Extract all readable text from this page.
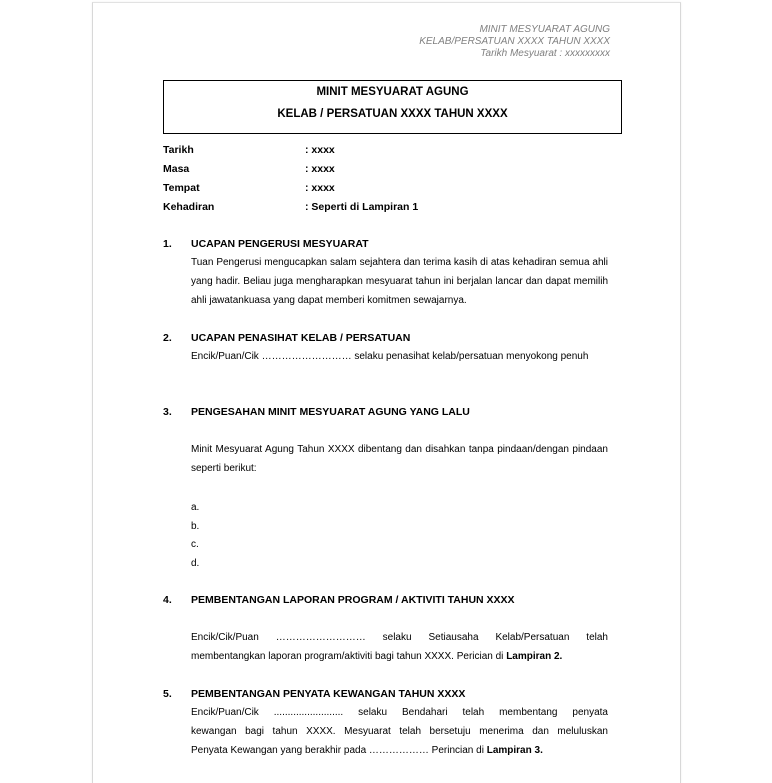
MINIT MESYUARAT AGUNG
KELAB/PERSATUAN XXXX TAHUN XXXX
Tarikh Mesyuarat : xxxxxxxxx
MINIT MESYUARAT AGUNG
KELAB / PERSATUAN XXXX TAHUN XXXX
Tarikh	: xxxx
Masa	: xxxx
Tempat	: xxxx
Kehadiran	: Seperti di Lampiran 1
1. UCAPAN PENGERUSI MESYUARAT
Tuan Pengerusi mengucapkan salam sejahtera dan terima kasih di atas kehadiran semua ahli yang hadir. Beliau juga mengharapkan mesyuarat tahun ini berjalan lancar dan dapat memilih ahli jawatankuasa yang dapat memberi komitmen sewajarnya.
2. UCAPAN PENASIHAT KELAB / PERSATUAN
Encik/Puan/Cik ……………………… selaku penasihat kelab/persatuan menyokong penuh
3. PENGESAHAN MINIT MESYUARAT AGUNG YANG LALU
Minit Mesyuarat Agung Tahun XXXX dibentang dan disahkan tanpa pindaan/dengan pindaan seperti berikut:
a.
b.
c.
d.
4. PEMBENTANGAN LAPORAN PROGRAM / AKTIVITI TAHUN XXXX
Encik/Cik/Puan ……………………… selaku Setiausaha Kelab/Persatuan telah
membentangkan laporan program/aktiviti bagi tahun XXXX. Perician di Lampiran 2.
5. PEMBENTANGAN PENYATA KEWANGAN TAHUN XXXX
Encik/Puan/Cik ......................... selaku Bendahari telah membentang penyata
kewangan bagi tahun XXXX. Mesyuarat telah bersetuju menerima dan meluluskan
Penyata Kewangan yang berakhir pada ……………… Perincian di Lampiran 3.
